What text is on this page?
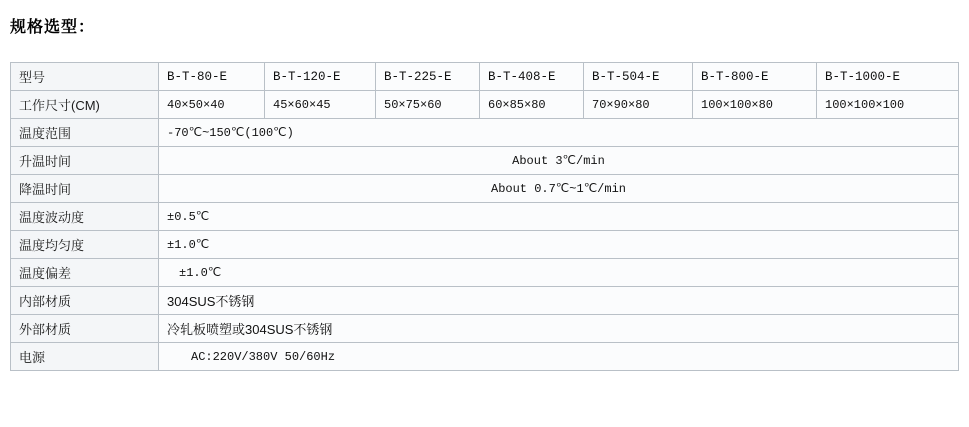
规格选型：
型号	B-T-80-E	B-T-120-E	B-T-225-E	B-T-408-E	B-T-504-E	B-T-800-E	B-T-1000-E
工作尺寸(CM)	40×50×40	45×60×45	50×75×60	60×85×80	70×90×80	100×100×80	100×100×100
温度范围	-70℃~150℃(100℃)						
升温时间	About 3℃/min						
降温时间	About 0.7℃~1℃/min						
温度波动度	±0.5℃						
温度均匀度	±1.0℃						
温度偏差	±1.0℃						
内部材质	304SUS不锈钢						
外部材质	冷轧板喷塑或304SUS不锈钢						
电源	AC:220V/380V 50/60Hz						
